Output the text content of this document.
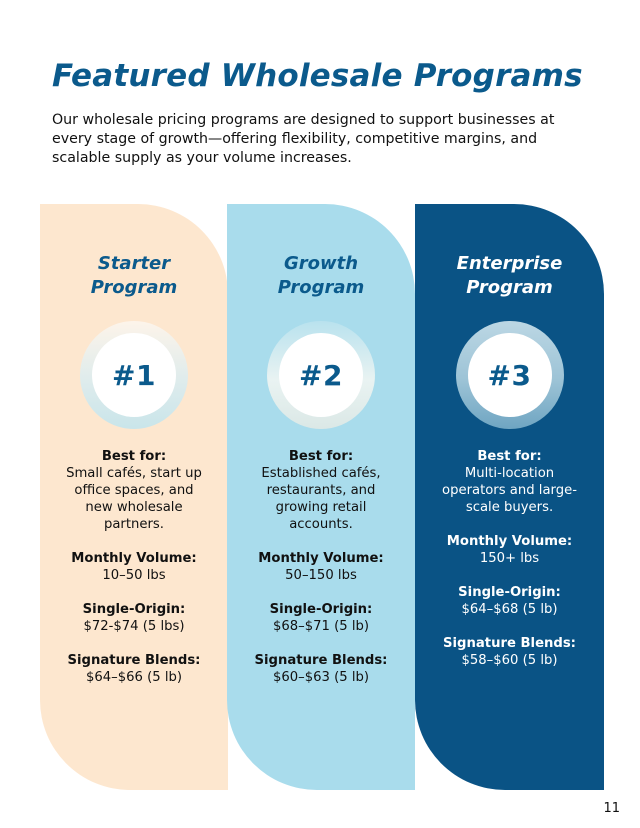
Featured Wholesale Programs

Our wholesale pricing programs are designed to support businesses at every stage of growth—offering flexibility, competitive margins, and scalable supply as your volume increases.

Starter
Program
#1
Best for:
Small cafés, start up
office spaces, and
new wholesale
partners.
Monthly Volume:
10–50 lbs
Single-Origin:
$72-$74 (5 lbs)
Signature Blends:
$64–$66 (5 lb)
Growth
Program
#2
Best for:
Established cafés,
restaurants, and
growing retail
accounts.
Monthly Volume:
50–150 lbs
Single-Origin:
$68–$71 (5 lb)
Signature Blends:
$60–$63 (5 lb)
Enterprise
Program
#3
Best for:
Multi-location
operators and large-
scale buyers.
Monthly Volume:
150+ lbs
Single-Origin:
$64–$68 (5 lb)
Signature Blends:
$58–$60 (5 lb)
11
